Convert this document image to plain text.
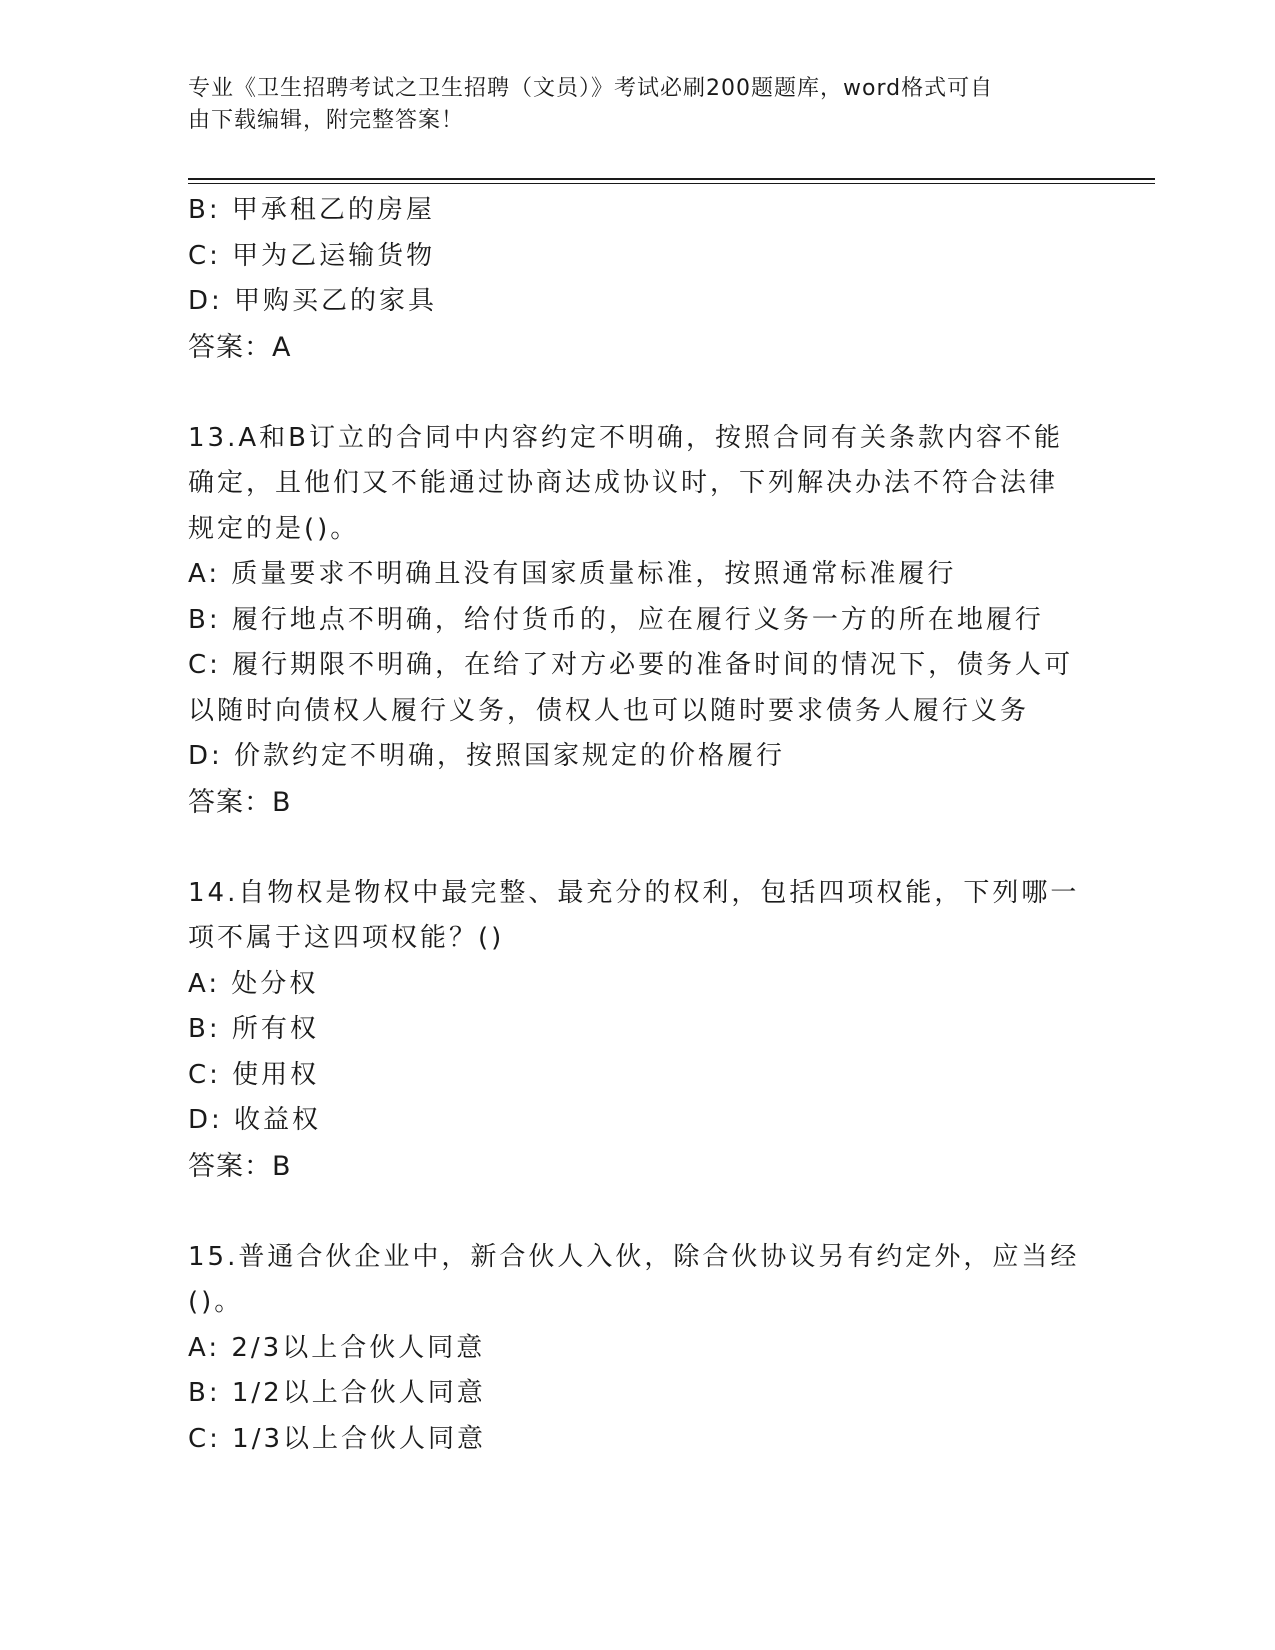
专业《卫生招聘考试之卫生招聘（文员）》考试必刷200题题库，word格式可自
由下载编辑，附完整答案！
B: 甲承租乙的房屋
C: 甲为乙运输货物
D: 甲购买乙的家具
答案：A
13.A和B订立的合同中内容约定不明确，按照合同有关条款内容不能
确定，且他们又不能通过协商达成协议时，下列解决办法不符合法律
规定的是()。
A: 质量要求不明确且没有国家质量标准，按照通常标准履行
B: 履行地点不明确，给付货币的，应在履行义务一方的所在地履行
C: 履行期限不明确，在给了对方必要的准备时间的情况下，债务人可
以随时向债权人履行义务，债权人也可以随时要求债务人履行义务
D: 价款约定不明确，按照国家规定的价格履行
答案：B
14.自物权是物权中最完整、最充分的权利，包括四项权能，下列哪一
项不属于这四项权能？()
A: 处分权
B: 所有权
C: 使用权
D: 收益权
答案：B
15.普通合伙企业中，新合伙人入伙，除合伙协议另有约定外，应当经
()。
A: 2/3以上合伙人同意
B: 1/2以上合伙人同意
C: 1/3以上合伙人同意
